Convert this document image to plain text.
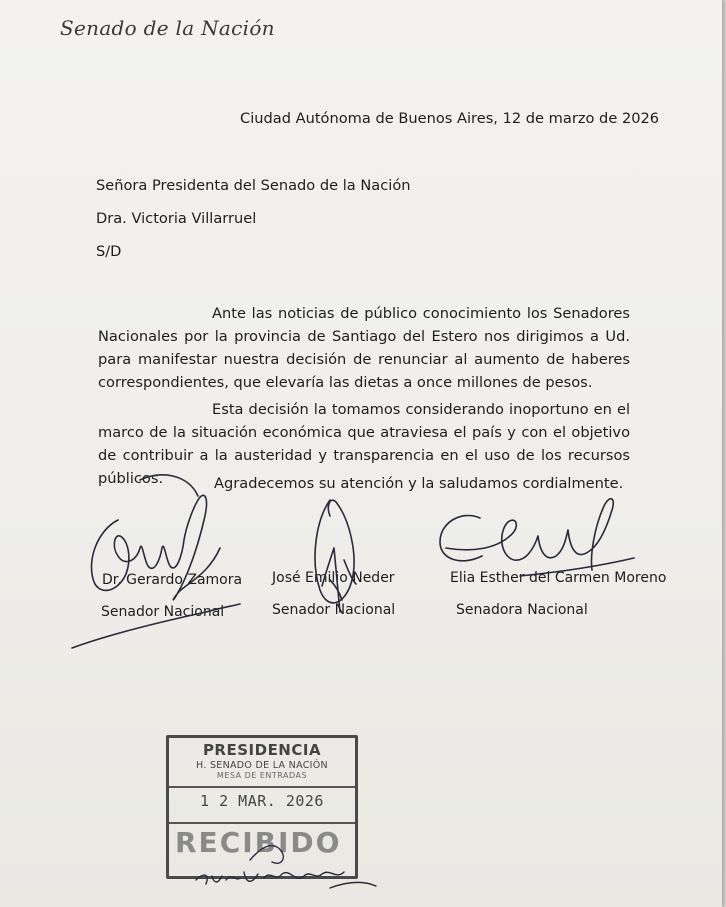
Senado de la Nación
Ciudad Autónoma de Buenos Aires, 12 de marzo de 2026
Señora Presidenta del Senado de la Nación
Dra. Victoria Villarruel
S/D

Ante las noticias de público conocimiento los Senadores Nacionales por la provincia de Santiago del Estero nos dirigimos a Ud. para manifestar nuestra decisión de renunciar al aumento de haberes correspondientes, que elevaría las dietas a once millones de pesos.

Esta decisión la tomamos considerando inoportuno en el marco de la situación económica que atraviesa el país y con el objetivo de contribuir a la austeridad y transparencia en el uso de los recursos públicos.	Agradecemos su atención y la saludamos cordialmente.
Dr. Gerardo Zamora
Senador Nacional
José Emilio Neder
Senador Nacional
Elia Esther del Carmen Moreno
Senadora Nacional
PRESIDENCIA
H. SENADO DE LA NACIÓN
MESA DE ENTRADAS
1 2 MAR. 2026
RECIBIDO
